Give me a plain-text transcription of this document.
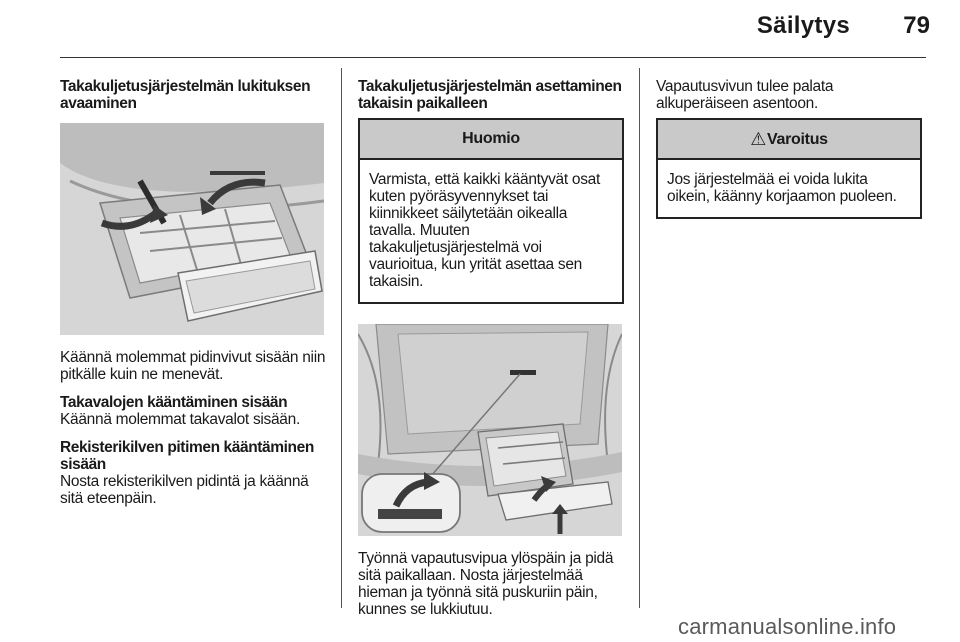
Säilytys	79
Takakuljetusjärjestelmän lukituksen avaaminen

Käännä molemmat pidinvivut sisään niin pitkälle kuin ne menevät.

Takavalojen kääntäminen sisään

Käännä molemmat takavalot sisään.

Rekisterikilven pitimen kääntäminen sisään

Nosta rekisterikilven pidintä ja käännä sitä eteenpäin.

Takakuljetusjärjestelmän asettaminen takaisin paikalleen
Huomio

Varmista, että kaikki kääntyvät osat kuten pyöräsyvennykset tai kiinnikkeet säilytetään oikealla tavalla. Muuten takakuljetusjärjestelmä voi vaurioitua, kun yrität asettaa sen takaisin.

Työnnä vapautusvipua ylöspäin ja pidä sitä paikallaan. Nosta järjestelmää hieman ja työnnä sitä puskuriin päin, kunnes se lukkiutuu.

Vapautusvivun tulee palata alkuperäiseen asentoon.

⚠Varoitus

Jos järjestelmää ei voida lukita oikein, käänny korjaamon puoleen.

carmanualsonline.info
